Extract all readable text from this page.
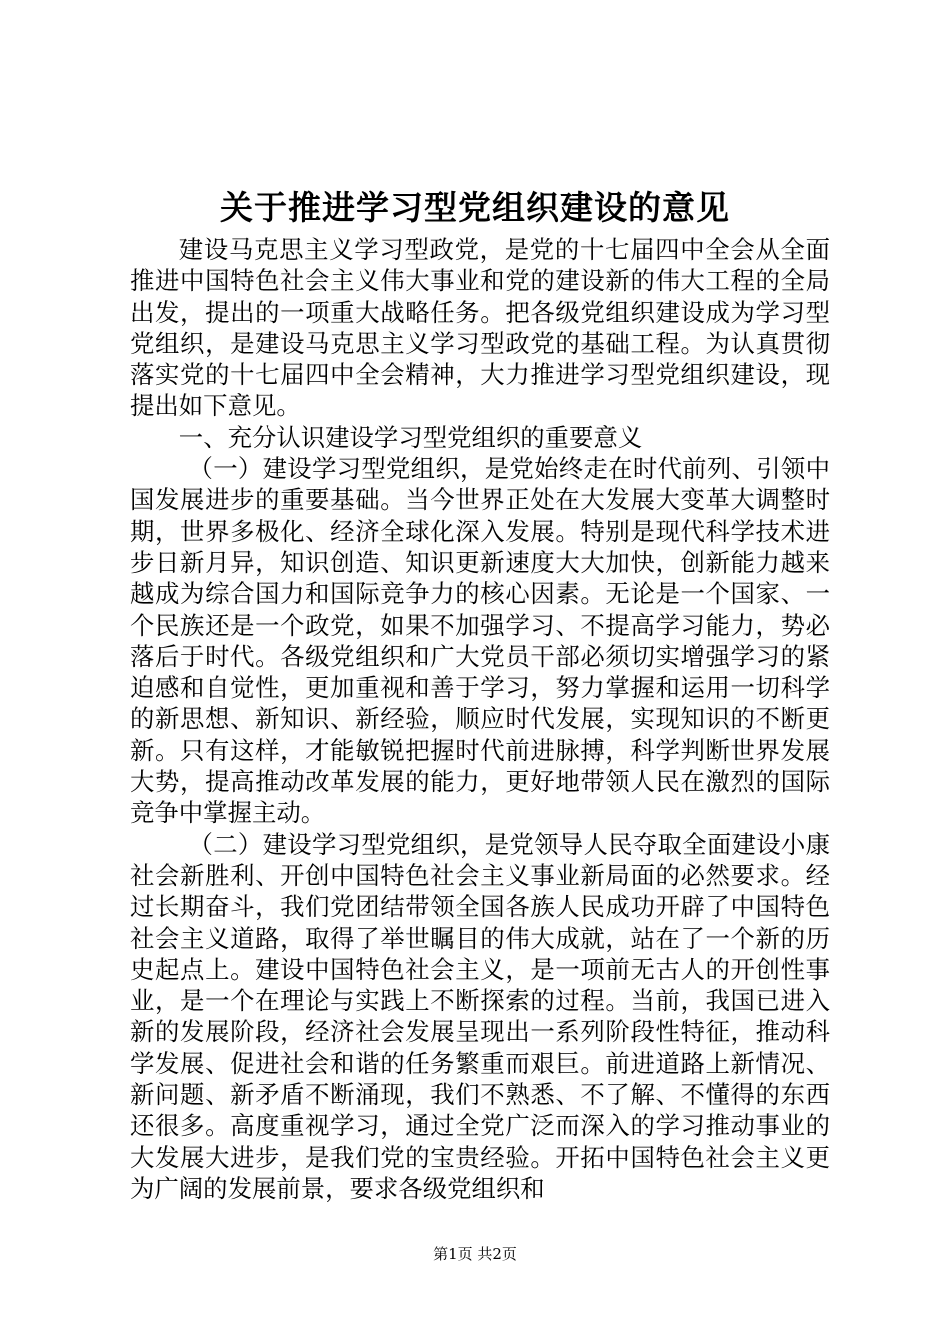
关于推进学习型党组织建设的意见

建设马克思主义学习型政党，是党的十七届四中全会从全面推进中国特色社会主义伟大事业和党的建设新的伟大工程的全局出发，提出的一项重大战略任务。把各级党组织建设成为学习型党组织，是建设马克思主义学习型政党的基础工程。为认真贯彻落实党的十七届四中全会精神，大力推进学习型党组织建设，现提出如下意见。

一、充分认识建设学习型党组织的重要意义

（一）建设学习型党组织，是党始终走在时代前列、引领中国发展进步的重要基础。当今世界正处在大发展大变革大调整时期，世界多极化、经济全球化深入发展。特别是现代科学技术进步日新月异，知识创造、知识更新速度大大加快，创新能力越来越成为综合国力和国际竞争力的核心因素。无论是一个国家、一个民族还是一个政党，如果不加强学习、不提高学习能力，势必落后于时代。各级党组织和广大党员干部必须切实增强学习的紧迫感和自觉性，更加重视和善于学习，努力掌握和运用一切科学的新思想、新知识、新经验，顺应时代发展，实现知识的不断更新。只有这样，才能敏锐把握时代前进脉搏，科学判断世界发展大势，提高推动改革发展的能力，更好地带领人民在激烈的国际竞争中掌握主动。

（二）建设学习型党组织，是党领导人民夺取全面建设小康社会新胜利、开创中国特色社会主义事业新局面的必然要求。经过长期奋斗，我们党团结带领全国各族人民成功开辟了中国特色社会主义道路，取得了举世瞩目的伟大成就，站在了一个新的历史起点上。建设中国特色社会主义，是一项前无古人的开创性事业，是一个在理论与实践上不断探索的过程。当前，我国已进入新的发展阶段，经济社会发展呈现出一系列阶段性特征，推动科学发展、促进社会和谐的任务繁重而艰巨。前进道路上新情况、新问题、新矛盾不断涌现，我们不熟悉、不了解、不懂得的东西还很多。高度重视学习，通过全党广泛而深入的学习推动事业的大发展大进步，是我们党的宝贵经验。开拓中国特色社会主义更为广阔的发展前景，要求各级党组织和

第1页 共2页
